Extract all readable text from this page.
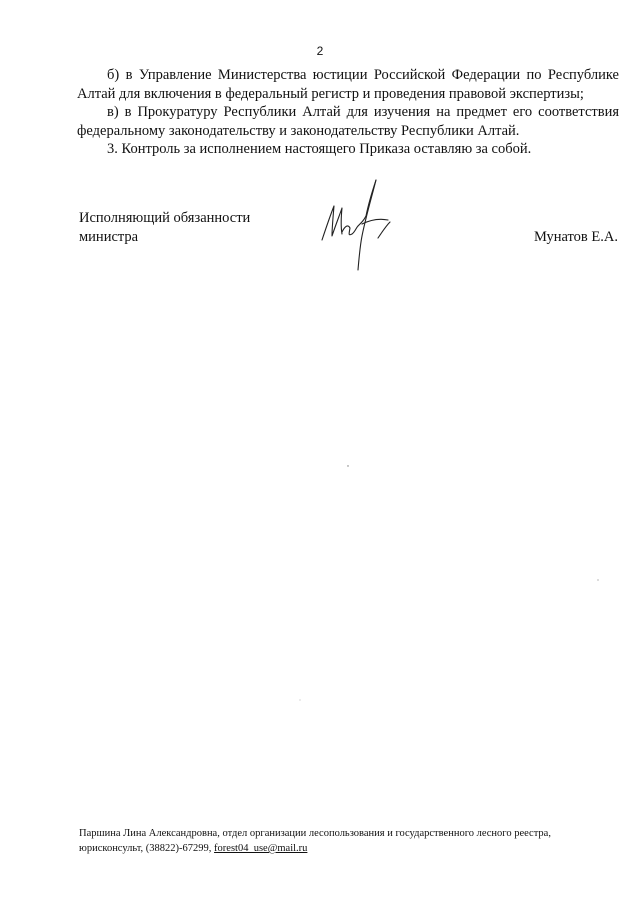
2

б) в Управление Министерства юстиции Российской Федерации по Республике Алтай для включения в федеральный регистр и проведения правовой экспертизы;

в) в Прокуратуру Республики Алтай для изучения на предмет его соответствия федеральному законодательству и законодательству Республики Алтай.

3. Контроль за исполнением настоящего Приказа оставляю за собой.

Исполняющий обязанности
министра	Мунатов Е.А.
Паршина Лина Александровна, отдел организации лесопользования и государственного лесного реестра,
юрисконсульт, (38822)-67299, forest04_use@mail.ru
